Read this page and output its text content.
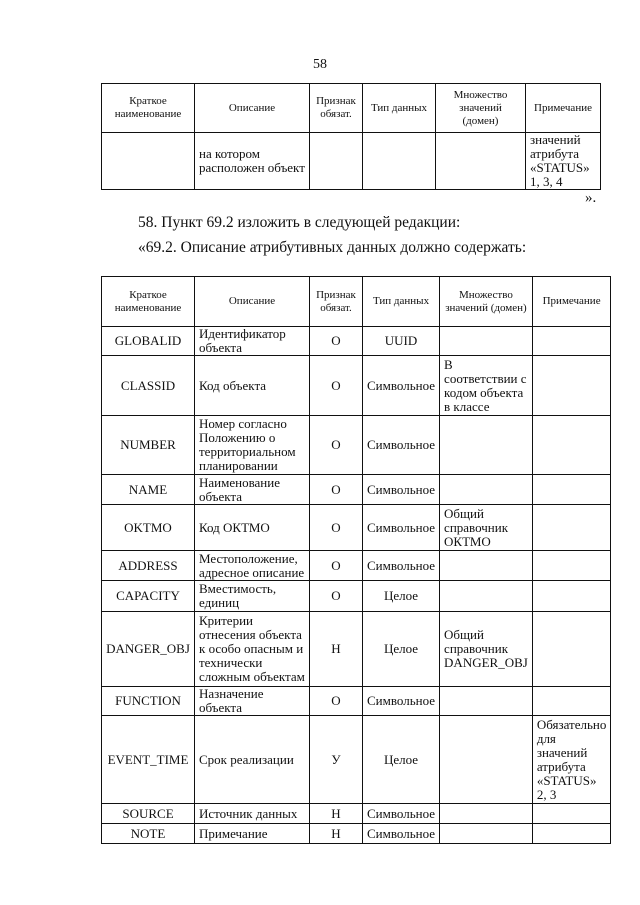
58
Краткое наименование	Описание	Признак обязат.	Тип данных	Множество значений (домен)	Примечание
	на котором расположен объект				значений атрибута «STATUS» 1, 3, 4
».
58. Пункт 69.2 изложить в следующей редакции:
«69.2. Описание атрибутивных данных должно содержать:
Краткое наименование	Описание	Признак обязат.	Тип данных	Множество значений (домен)	Примечание
GLOBALID	Идентификатор объекта	О	UUID		
CLASSID	Код объекта	О	Символьное	В соответствии с кодом объекта в классе	
NUMBER	Номер согласно Положению о территориальном планировании	О	Символьное		
NAME	Наименование объекта	О	Символьное		
OKTMO	Код ОКТМО	О	Символьное	Общий справочник ОКТМО	
ADDRESS	Местоположение, адресное описание	О	Символьное		
CAPACITY	Вместимость, единиц	О	Целое		
DANGER_OBJ	Критерии отнесения объекта к особо опасным и технически сложным объектам	Н	Целое	Общий справочник DANGER_OBJ	
FUNCTION	Назначение объекта	О	Символьное		
EVENT_TIME	Срок реализации	У	Целое		Обязательно для значений атрибута «STATUS» 2, 3
SOURCE	Источник данных	Н	Символьное		
NOTE	Примечание	Н	Символьное		
